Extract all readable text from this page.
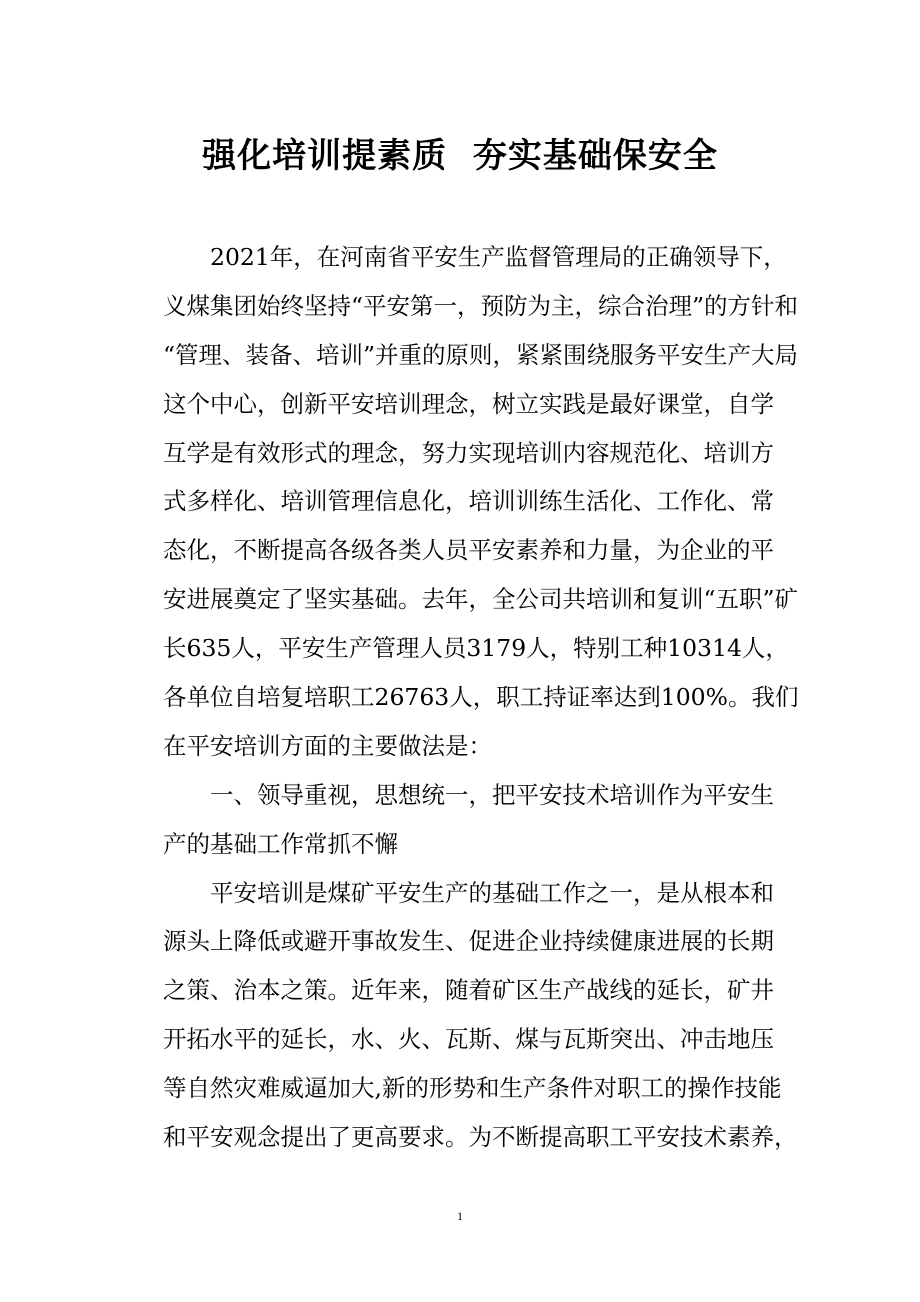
强化培训提素质  夯实基础保安全
2021年，在河南省平安生产监督管理局的正确领导下，
义煤集团始终坚持“平安第一，预防为主，综合治理”的方针和
“管理、装备、培训”并重的原则，紧紧围绕服务平安生产大局
这个中心，创新平安培训理念，树立实践是最好课堂，自学
互学是有效形式的理念，努力实现培训内容规范化、培训方
式多样化、培训管理信息化，培训训练生活化、工作化、常
态化，不断提高各级各类人员平安素养和力量，为企业的平
安进展奠定了坚实基础。去年，全公司共培训和复训“五职”矿
长635人，平安生产管理人员3179人，特别工种10314人，
各单位自培复培职工26763人，职工持证率达到100%。我们
在平安培训方面的主要做法是：
一、领导重视，思想统一，把平安技术培训作为平安生
产的基础工作常抓不懈
平安培训是煤矿平安生产的基础工作之一，是从根本和
源头上降低或避开事故发生、促进企业持续健康进展的长期
之策、治本之策。近年来，随着矿区生产战线的延长，矿井
开拓水平的延长，水、火、瓦斯、煤与瓦斯突出、冲击地压
等自然灾难威逼加大,新的形势和生产条件对职工的操作技能
和平安观念提出了更高要求。为不断提高职工平安技术素养，
1
